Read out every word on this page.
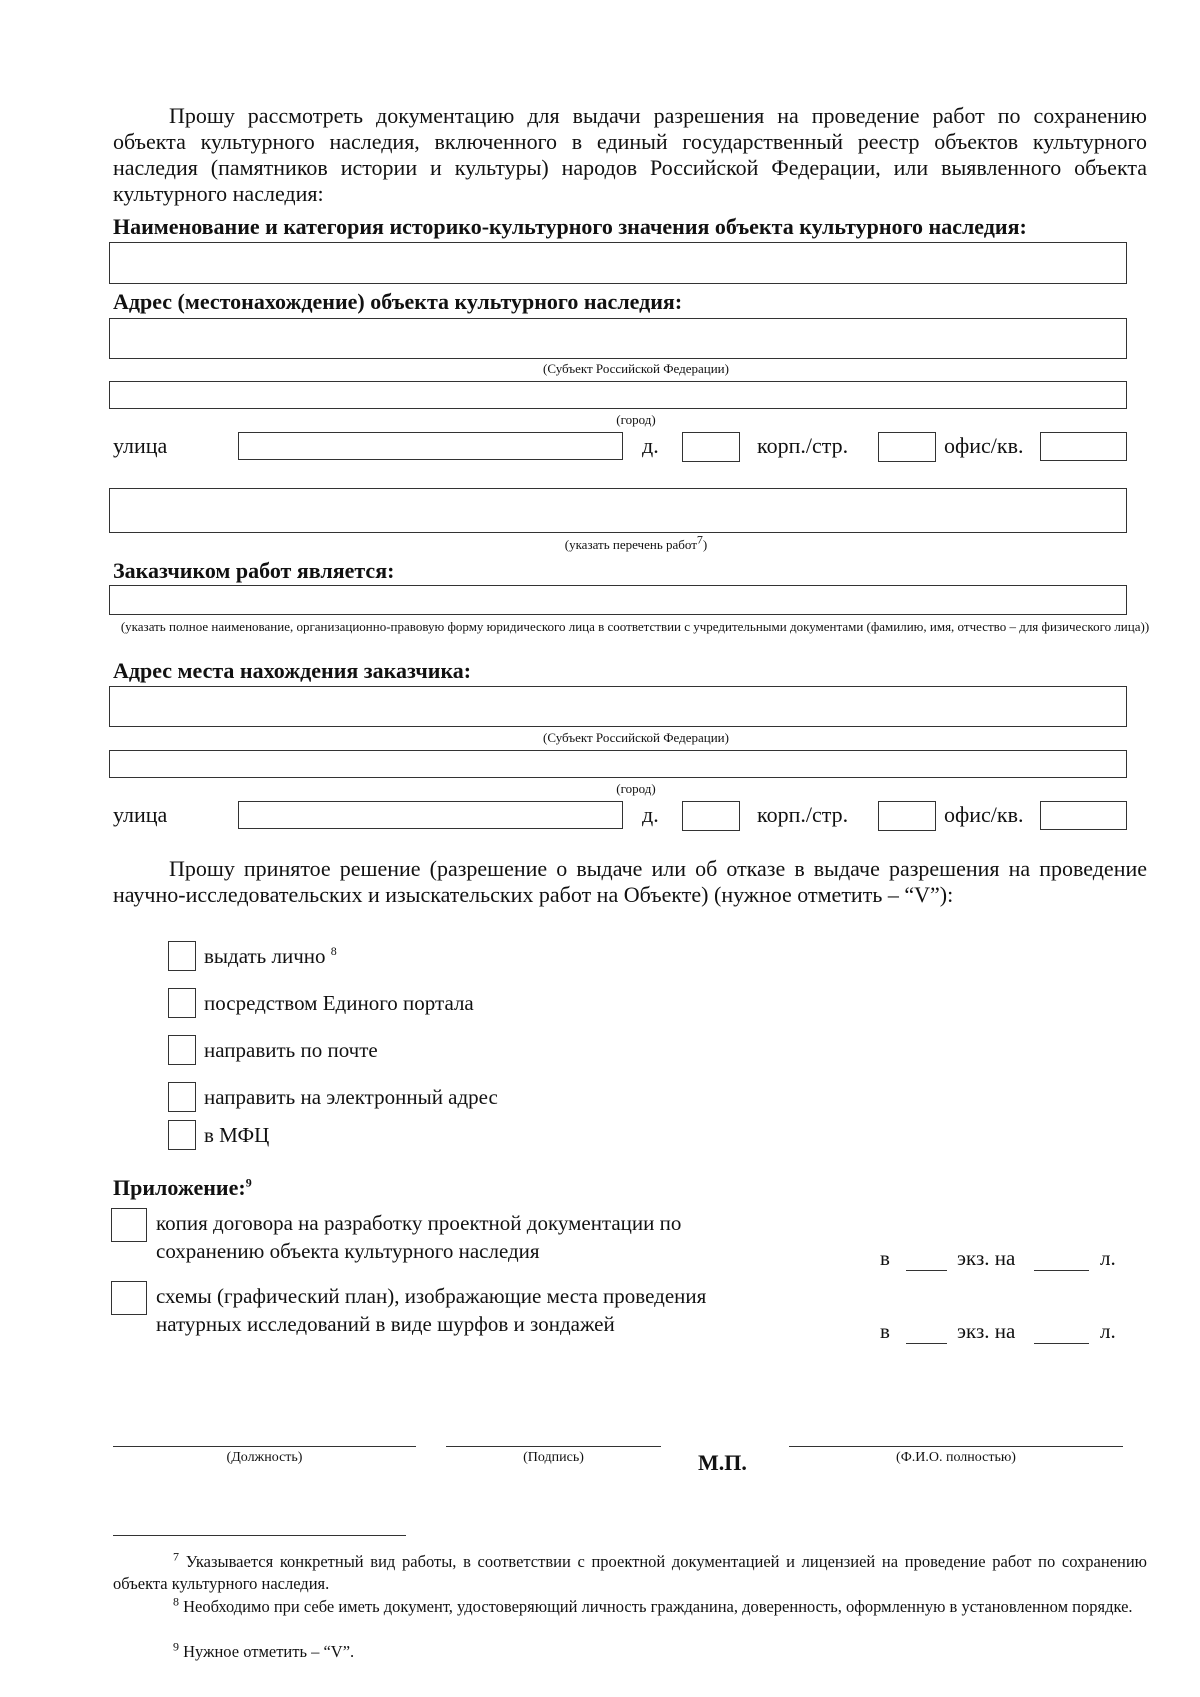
Прошу рассмотреть документацию для выдачи разрешения на проведение работ по сохранению объекта культурного наследия, включенного в единый государственный реестр объектов культурного наследия (памятников истории и культуры) народов Российской Федерации, или выявленного объекта культурного наследия:
Наименование и категория историко-культурного значения объекта культурного наследия:
Адрес (местонахождение) объекта культурного наследия:
(Субъект Российской Федерации)
(город)
улица	д.	корп./стр.	офис/кв.
(указать перечень работ$^7$)
Заказчиком работ является:
(указать полное наименование, организационно-правовую форму юридического лица в соответствии с учредительными документами (фамилию, имя, отчество – для физического лица))
Адрес места нахождения заказчика:
(Субъект Российской Федерации)
(город)
улица	д.	корп./стр.	офис/кв.
Прошу принятое решение (разрешение о выдаче или об отказе в выдаче разрешения на проведение научно-исследовательских и изыскательских работ на Объекте) (нужное отметить – “V”):
выдать лично $^8$
посредством Единого портала
направить по почте
направить на электронный адрес
в МФЦ
Приложение:$^9$
копия договора на разработку проектной документации по
сохранению объекта культурного наследия	в	экз. на	л.
схемы (графический план), изображающие места проведения
натурных исследований в виде шурфов и зондажей	в	экз. на	л.
(Должность)	(Подпись)	М.П.	(Ф.И.О. полностью)
$^7$ Указывается конкретный вид работы, в соответствии с проектной документацией и лицензией на проведение работ по сохранению объекта культурного наследия.
$^8$ Необходимо при себе иметь документ, удостоверяющий личность гражданина, доверенность, оформленную в установленном порядке.
$^9$ Нужное отметить – “V”.
